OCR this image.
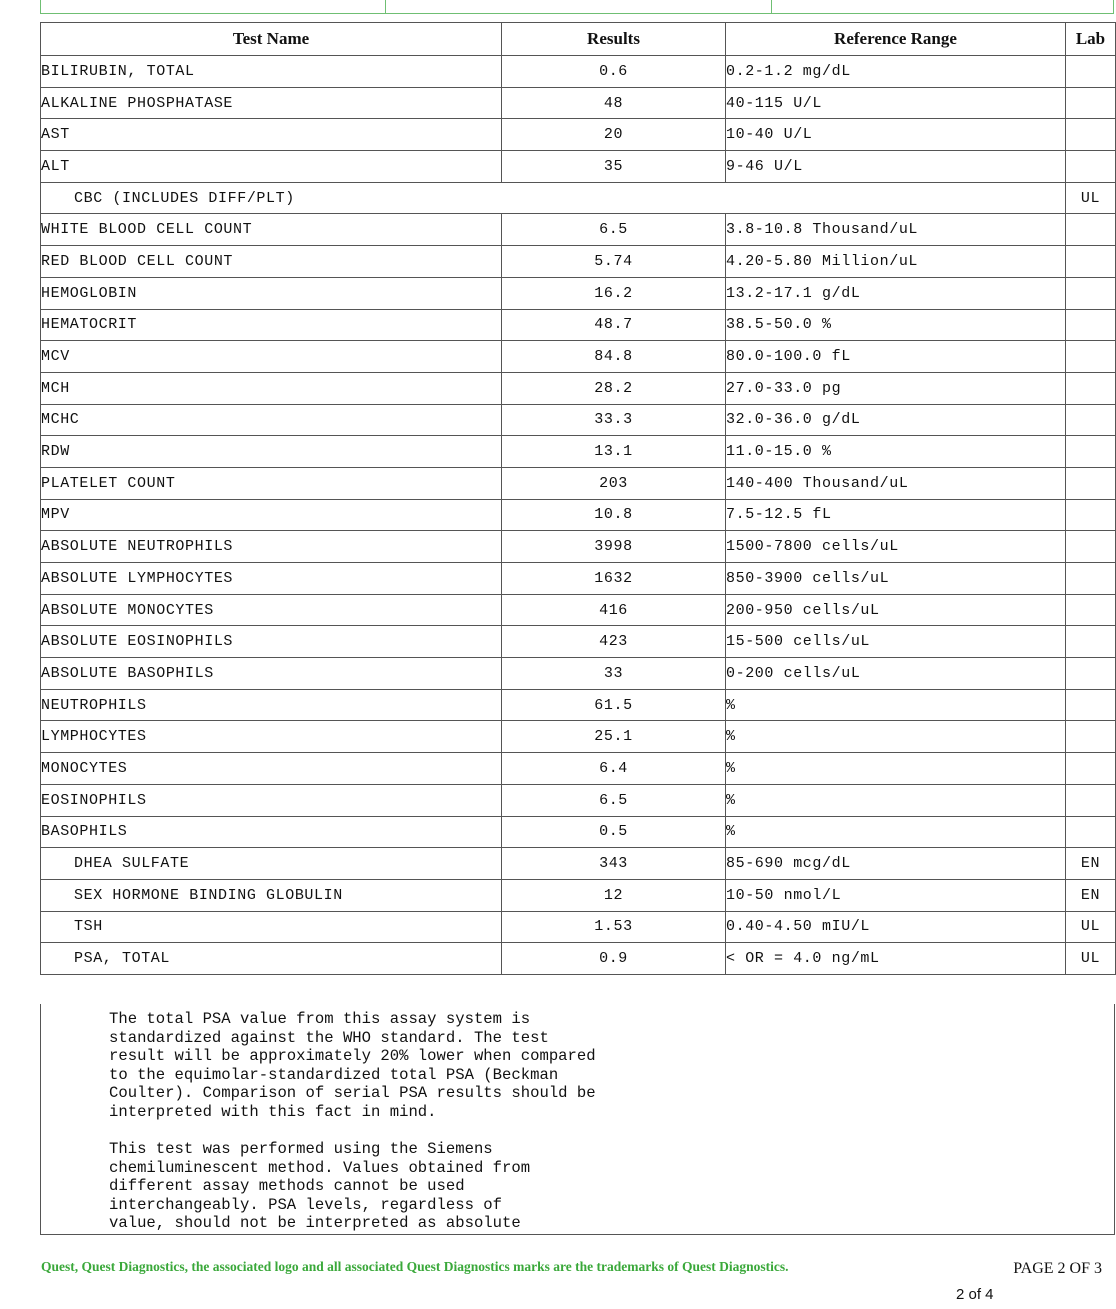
Test Name	Results	Reference Range	Lab
BILIRUBIN, TOTAL	0.6	0.2-1.2 mg/dL	
ALKALINE PHOSPHATASE	48	40-115 U/L	
AST	20	10-40 U/L	
ALT	35	9-46 U/L	
CBC (INCLUDES DIFF/PLT)			UL
WHITE BLOOD CELL COUNT	6.5	3.8-10.8 Thousand/uL	
RED BLOOD CELL COUNT	5.74	4.20-5.80 Million/uL	
HEMOGLOBIN	16.2	13.2-17.1 g/dL	
HEMATOCRIT	48.7	38.5-50.0 %	
MCV	84.8	80.0-100.0 fL	
MCH	28.2	27.0-33.0 pg	
MCHC	33.3	32.0-36.0 g/dL	
RDW	13.1	11.0-15.0 %	
PLATELET COUNT	203	140-400 Thousand/uL	
MPV	10.8	7.5-12.5 fL	
ABSOLUTE NEUTROPHILS	3998	1500-7800 cells/uL	
ABSOLUTE LYMPHOCYTES	1632	850-3900 cells/uL	
ABSOLUTE MONOCYTES	416	200-950 cells/uL	
ABSOLUTE EOSINOPHILS	423	15-500 cells/uL	
ABSOLUTE BASOPHILS	33	0-200 cells/uL	
NEUTROPHILS	61.5	%	
LYMPHOCYTES	25.1	%	
MONOCYTES	6.4	%	
EOSINOPHILS	6.5	%	
BASOPHILS	0.5	%	
DHEA SULFATE	343	85-690 mcg/dL	EN
SEX HORMONE BINDING GLOBULIN	12	10-50 nmol/L	EN
TSH	1.53	0.40-4.50 mIU/L	UL
PSA, TOTAL	0.9	< OR = 4.0 ng/mL	UL

The total PSA value from this assay system is
standardized against the WHO standard. The test
result will be approximately 20% lower when compared
to the equimolar-standardized total PSA (Beckman
Coulter). Comparison of serial PSA results should be
interpreted with this fact in mind.

This test was performed using the Siemens
chemiluminescent method. Values obtained from
different assay methods cannot be used
interchangeably. PSA levels, regardless of
value, should not be interpreted as absolute

Quest, Quest Diagnostics, the associated logo and all associated Quest Diagnostics marks are the trademarks of Quest Diagnostics.	PAGE 2 OF 3
2 of 4
